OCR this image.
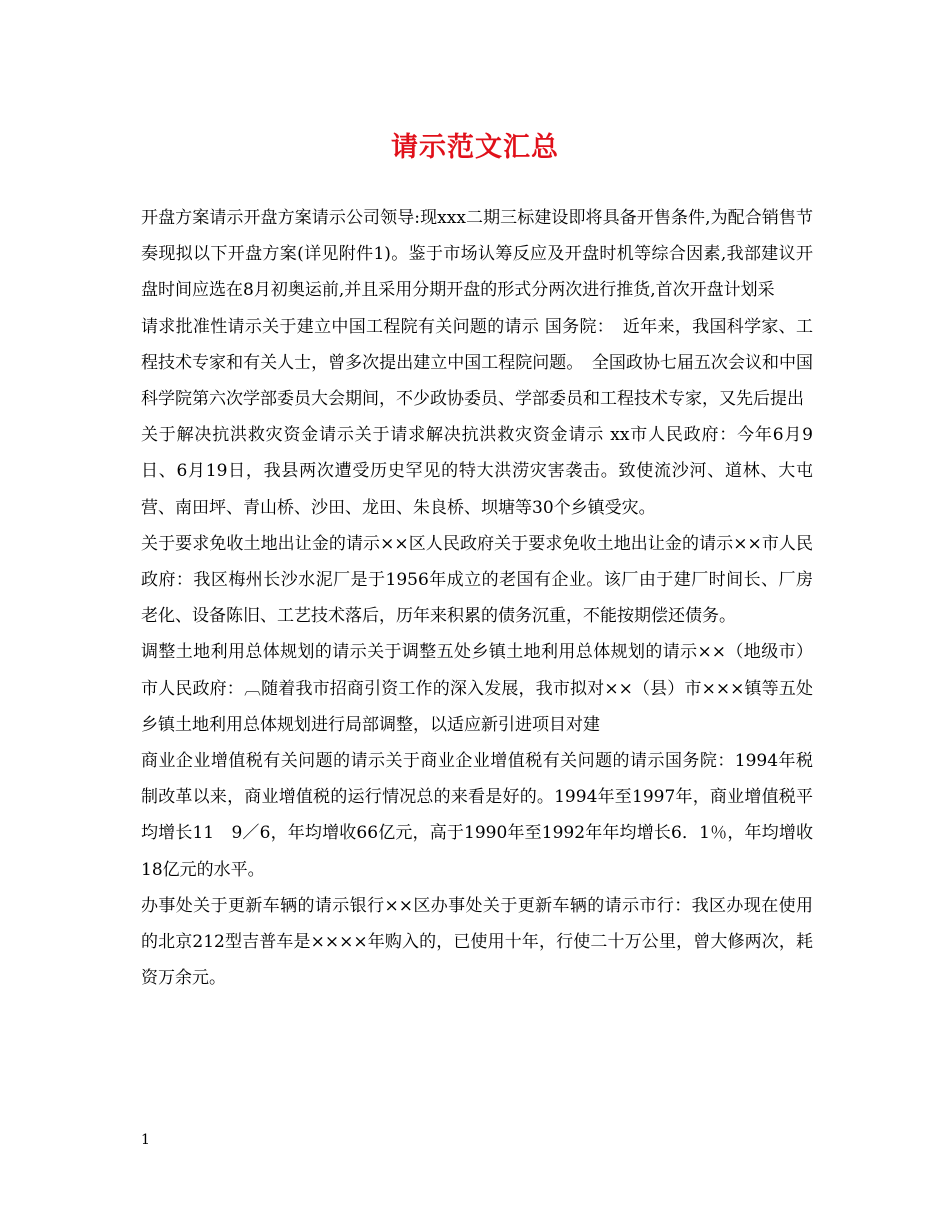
请示范文汇总

开盘方案请示开盘方案请示公司领导:现xxx二期三标建设即将具备开售条件,为配合销售节奏现拟以下开盘方案(详见附件1)。鉴于市场认筹反应及开盘时机等综合因素,我部建议开盘时间应选在8月初奥运前,并且采用分期开盘的形式分两次进行推货,首次开盘计划采

请求批准性请示关于建立中国工程院有关问题的请示 国务院：　近年来，我国科学家、工程技术专家和有关人士，曾多次提出建立中国工程院问题。　全国政协七届五次会议和中国科学院第六次学部委员大会期间，不少政协委员、学部委员和工程技术专家，又先后提出

关于解决抗洪救灾资金请示关于请求解决抗洪救灾资金请示 xx市人民政府：今年6月9日、6月19日，我县两次遭受历史罕见的特大洪涝灾害袭击。致使流沙河、道林、大屯营、南田坪、青山桥、沙田、龙田、朱良桥、坝塘等30个乡镇受灾。

关于要求免收土地出让金的请示××区人民政府关于要求免收土地出让金的请示××市人民政府：我区梅州长沙水泥厂是于1956年成立的老国有企业。该厂由于建厂时间长、厂房老化、设备陈旧、工艺技术落后，历年来积累的债务沉重，不能按期偿还债务。

调整土地利用总体规划的请示关于调整五处乡镇土地利用总体规划的请示××（地级市）市人民政府：︹随着我市招商引资工作的深入发展，我市拟对××（县）市×××镇等五处乡镇土地利用总体规划进行局部调整，以适应新引进项目对建

商业企业增值税有关问题的请示关于商业企业增值税有关问题的请示国务院：1994年税制改革以来，商业增值税的运行情况总的来看是好的。1994年至1997年，商业增值税平均增长11　9／6，年均增收66亿元，高于1990年至1992年年均增长6．1％，年均增收18亿元的水平。

办事处关于更新车辆的请示银行××区办事处关于更新车辆的请示市行：我区办现在使用的北京212型吉普车是××××年购入的，已使用十年，行使二十万公里，曾大修两次，耗资万余元。

1
